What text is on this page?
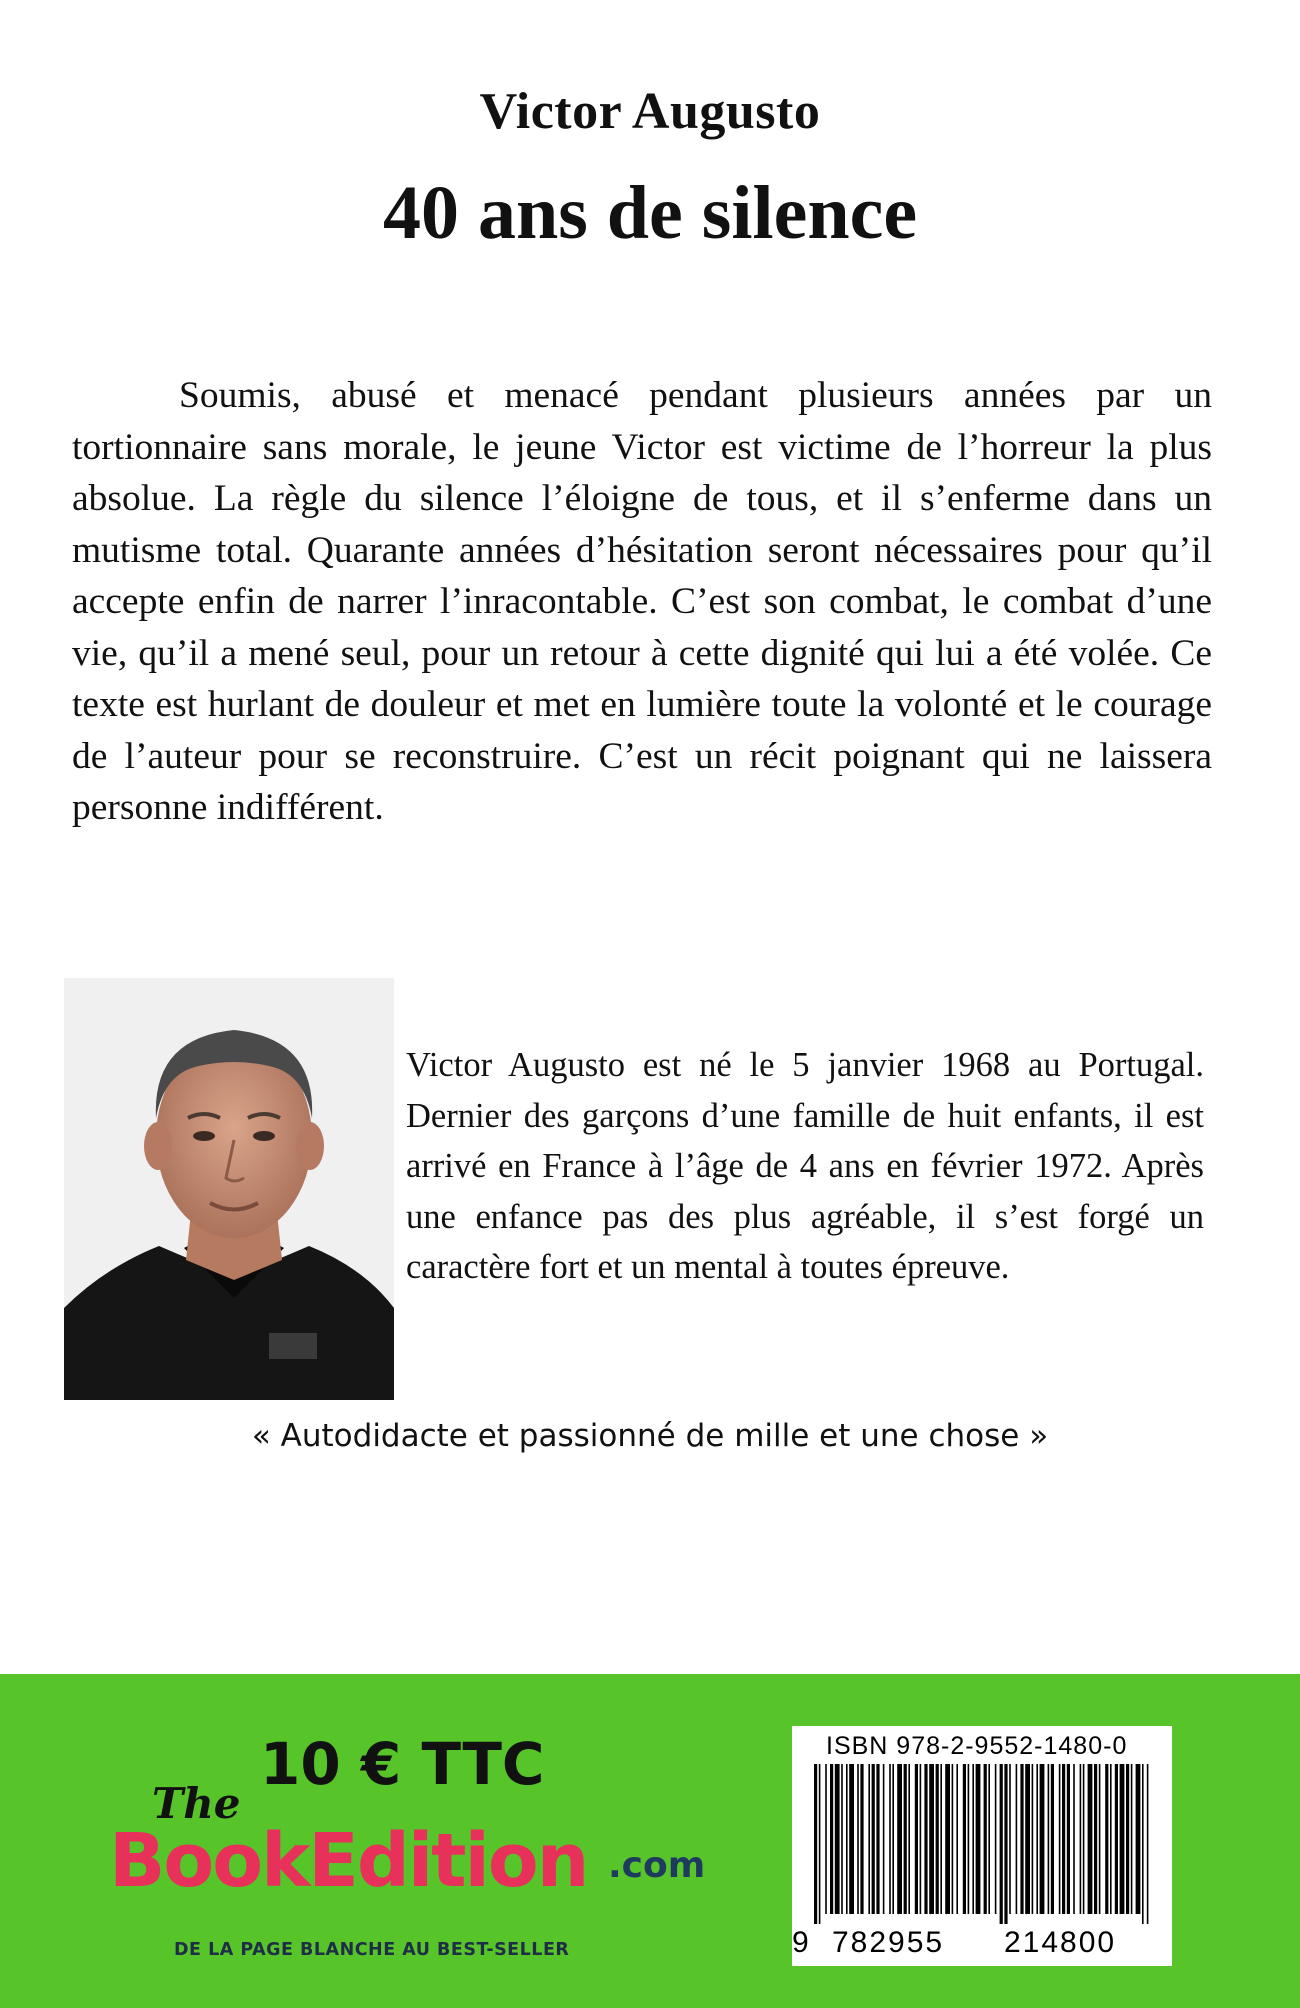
Victor Augusto
40 ans de silence

Soumis, abusé et menacé pendant plusieurs années par un tortionnaire sans morale, le jeune Victor est victime de l’horreur la plus absolue. La règle du silence l’éloigne de tous, et il s’enferme dans un mutisme total. Quarante années d’hésitation seront nécessaires pour qu’il accepte enfin de narrer l’inracontable. C’est son combat, le combat d’une vie, qu’il a mené seul, pour un retour à cette dignité qui lui a été volée. Ce texte est hurlant de douleur et met en lumière toute la volonté et le courage de l’auteur pour se reconstruire. C’est un récit poignant qui ne laissera personne indifférent.

Victor Augusto est né le 5 janvier 1968 au Portugal. Dernier des garçons d’une famille de huit enfants, il est arrivé en France à l’âge de 4 ans en février 1972. Après une enfance pas des plus agréable, il s’est forgé un caractère fort et un mental à toutes épreuve.

« Autodidacte et passionné de mille et une chose »
10 € TTC
The
BookEdition .com
DE LA PAGE BLANCHE AU BEST-SELLER
ISBN 978-2-9552-1480-0
9 782955 214800
